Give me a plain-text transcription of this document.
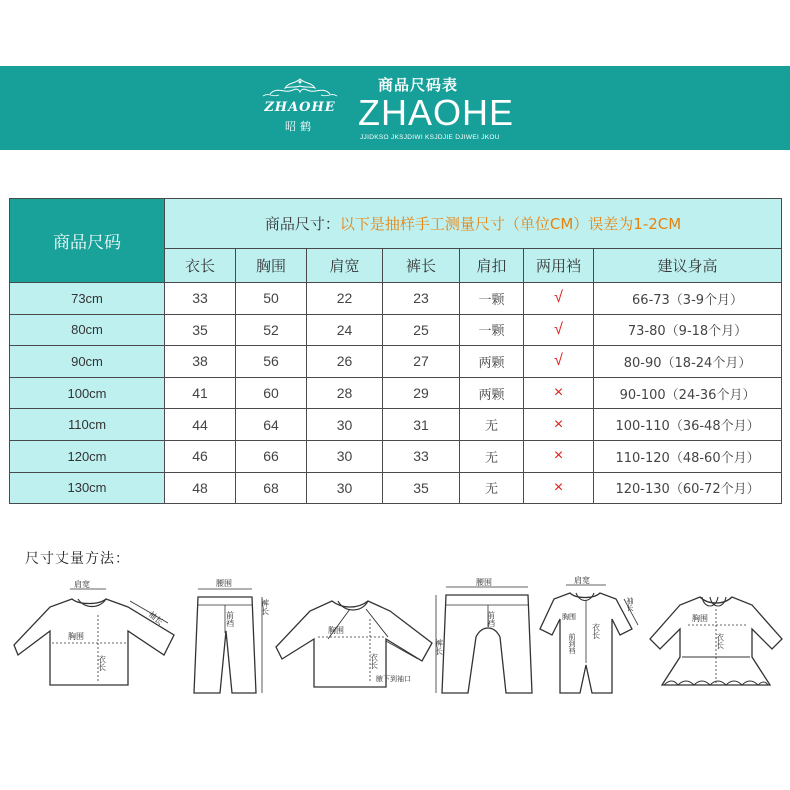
ZHAOHE
昭鹤
商品尺码表
ZHAOHE
JJIDKSO JKSJDIWI KSJDJIE DJIWEI JKOU
商品尺码	商品尺寸：以下是抽样手工测量尺寸（单位CM）误差为1-2CM						
	衣长	胸围	肩宽	裤长	肩扣	两用裆	建议身高
73cm	33	50	22	23	一颗	√	66-73（3-9个月）
80cm	35	52	24	25	一颗	√	73-80（9-18个月）
90cm	38	56	26	27	两颗	√	80-90（18-24个月）
100cm	41	60	28	29	两颗	×	90-100（24-36个月）
110cm	44	64	30	31	无	×	100-110（36-48个月）
120cm	46	66	30	33	无	×	110-120（48-60个月）
130cm	48	68	30	35	无	×	120-130（60-72个月）
尺寸丈量方法：
肩宽
袖长
胸围
衣长
腰围
前裆
裤长
胸围
衣长
腋下到袖口
腰围
前裆
裤长
肩宽
胸围
前到裆
衣长
袖长
胸围
衣长
